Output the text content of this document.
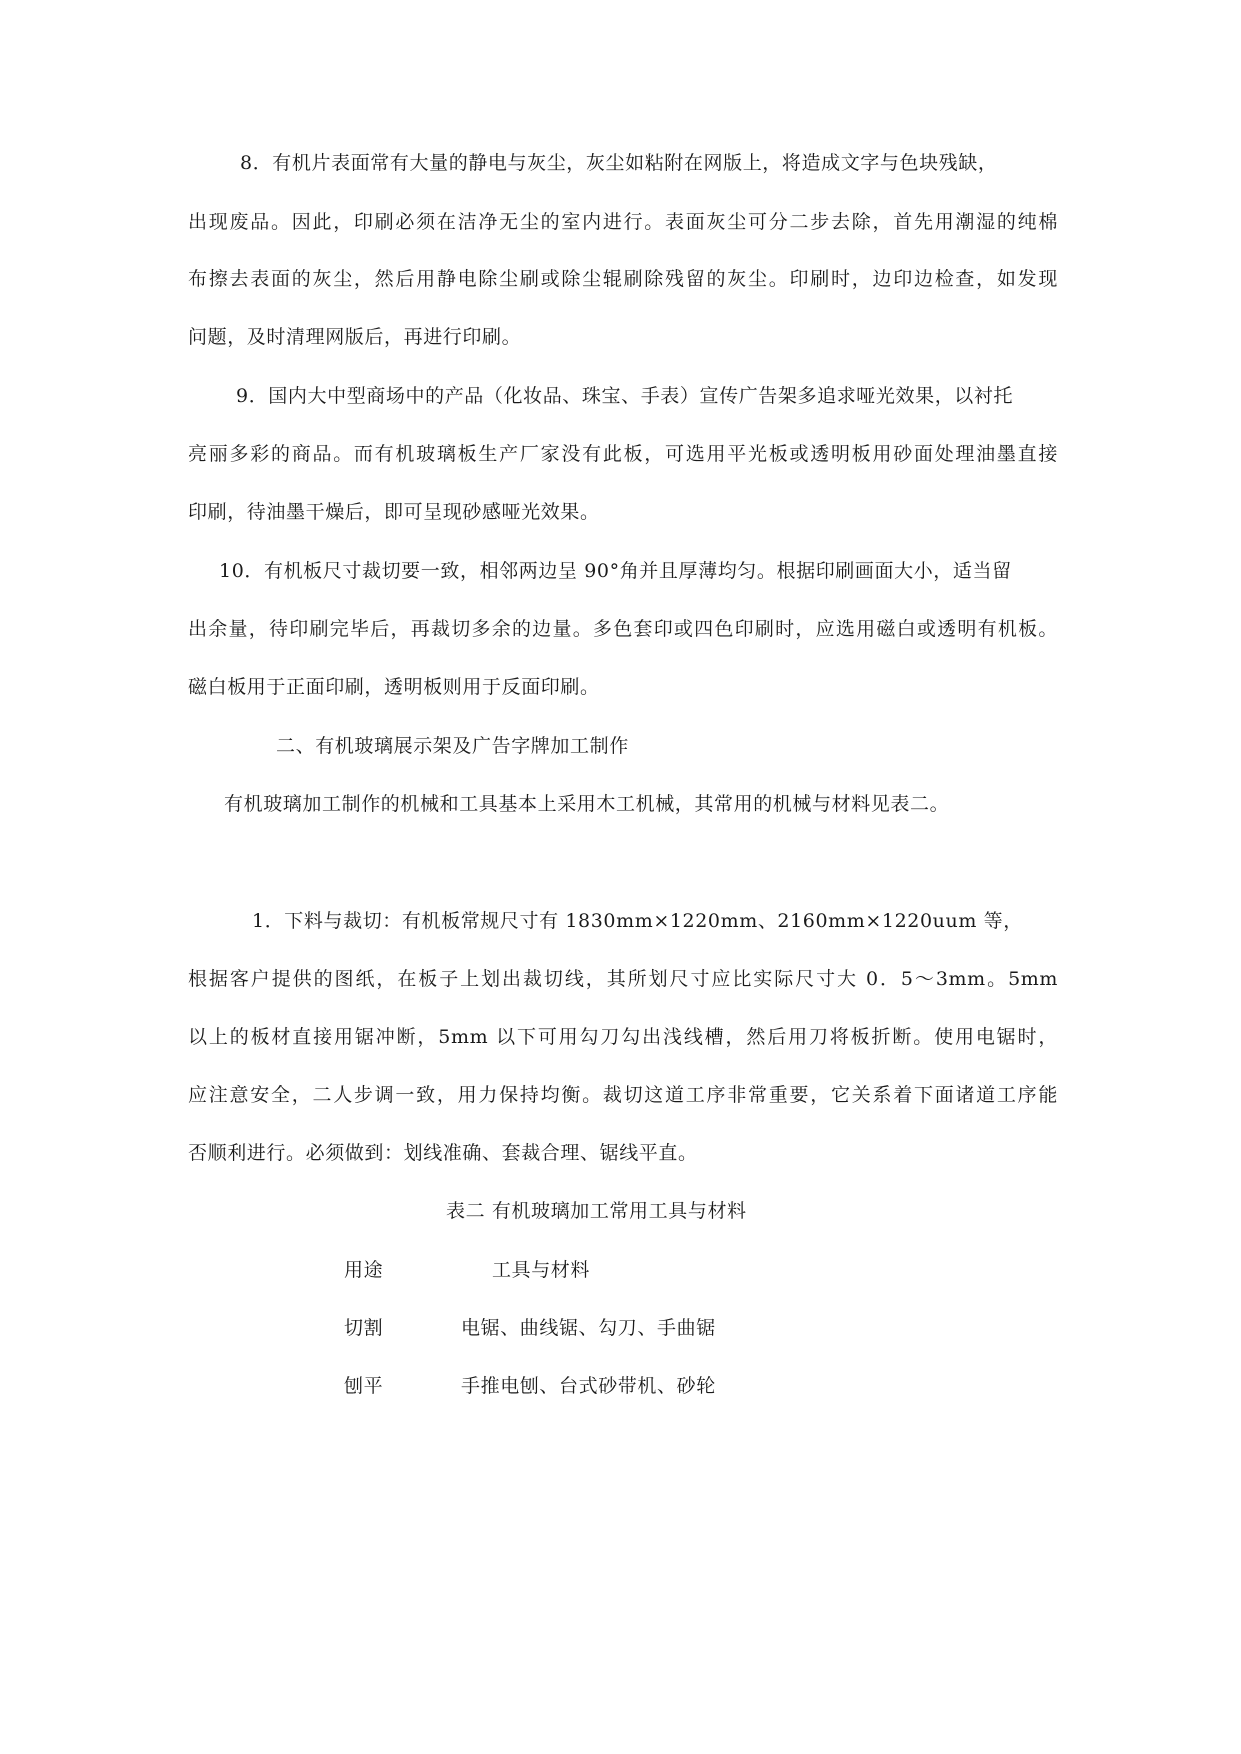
8．有机片表面常有大量的静电与灰尘，灰尘如粘附在网版上，将造成文字与色块残缺，
出现废品。因此，印刷必须在洁净无尘的室内进行。表面灰尘可分二步去除，首先用潮湿的纯棉
布擦去表面的灰尘，然后用静电除尘刷或除尘辊刷除残留的灰尘。印刷时，边印边检查，如发现
问题，及时清理网版后，再进行印刷。
9．国内大中型商场中的产品（化妆品、珠宝、手表）宣传广告架多追求哑光效果，以衬托
亮丽多彩的商品。而有机玻璃板生产厂家没有此板，可选用平光板或透明板用砂面处理油墨直接
印刷，待油墨干燥后，即可呈现砂感哑光效果。
10．有机板尺寸裁切要一致，相邻两边呈 90°角并且厚薄均匀。根据印刷画面大小，适当留
出余量，待印刷完毕后，再裁切多余的边量。多色套印或四色印刷时，应选用磁白或透明有机板。
磁白板用于正面印刷，透明板则用于反面印刷。
二、有机玻璃展示架及广告字牌加工制作
有机玻璃加工制作的机械和工具基本上采用木工机械，其常用的机械与材料见表二。
1．下料与裁切：有机板常规尺寸有 1830mm×1220mm、2160mm×1220uum 等，
根据客户提供的图纸，在板子上划出裁切线，其所划尺寸应比实际尺寸大 0．5～3mm。5mm
以上的板材直接用锯冲断，5mm 以下可用勾刀勾出浅线槽，然后用刀将板折断。使用电锯时，
应注意安全，二人步调一致，用力保持均衡。裁切这道工序非常重要，它关系着下面诸道工序能
否顺利进行。必须做到：划线准确、套裁合理、锯线平直。
表二 有机玻璃加工常用工具与材料
用途	工具与材料
切割	电锯、曲线锯、勾刀、手曲锯
刨平	手推电刨、台式砂带机、砂轮
